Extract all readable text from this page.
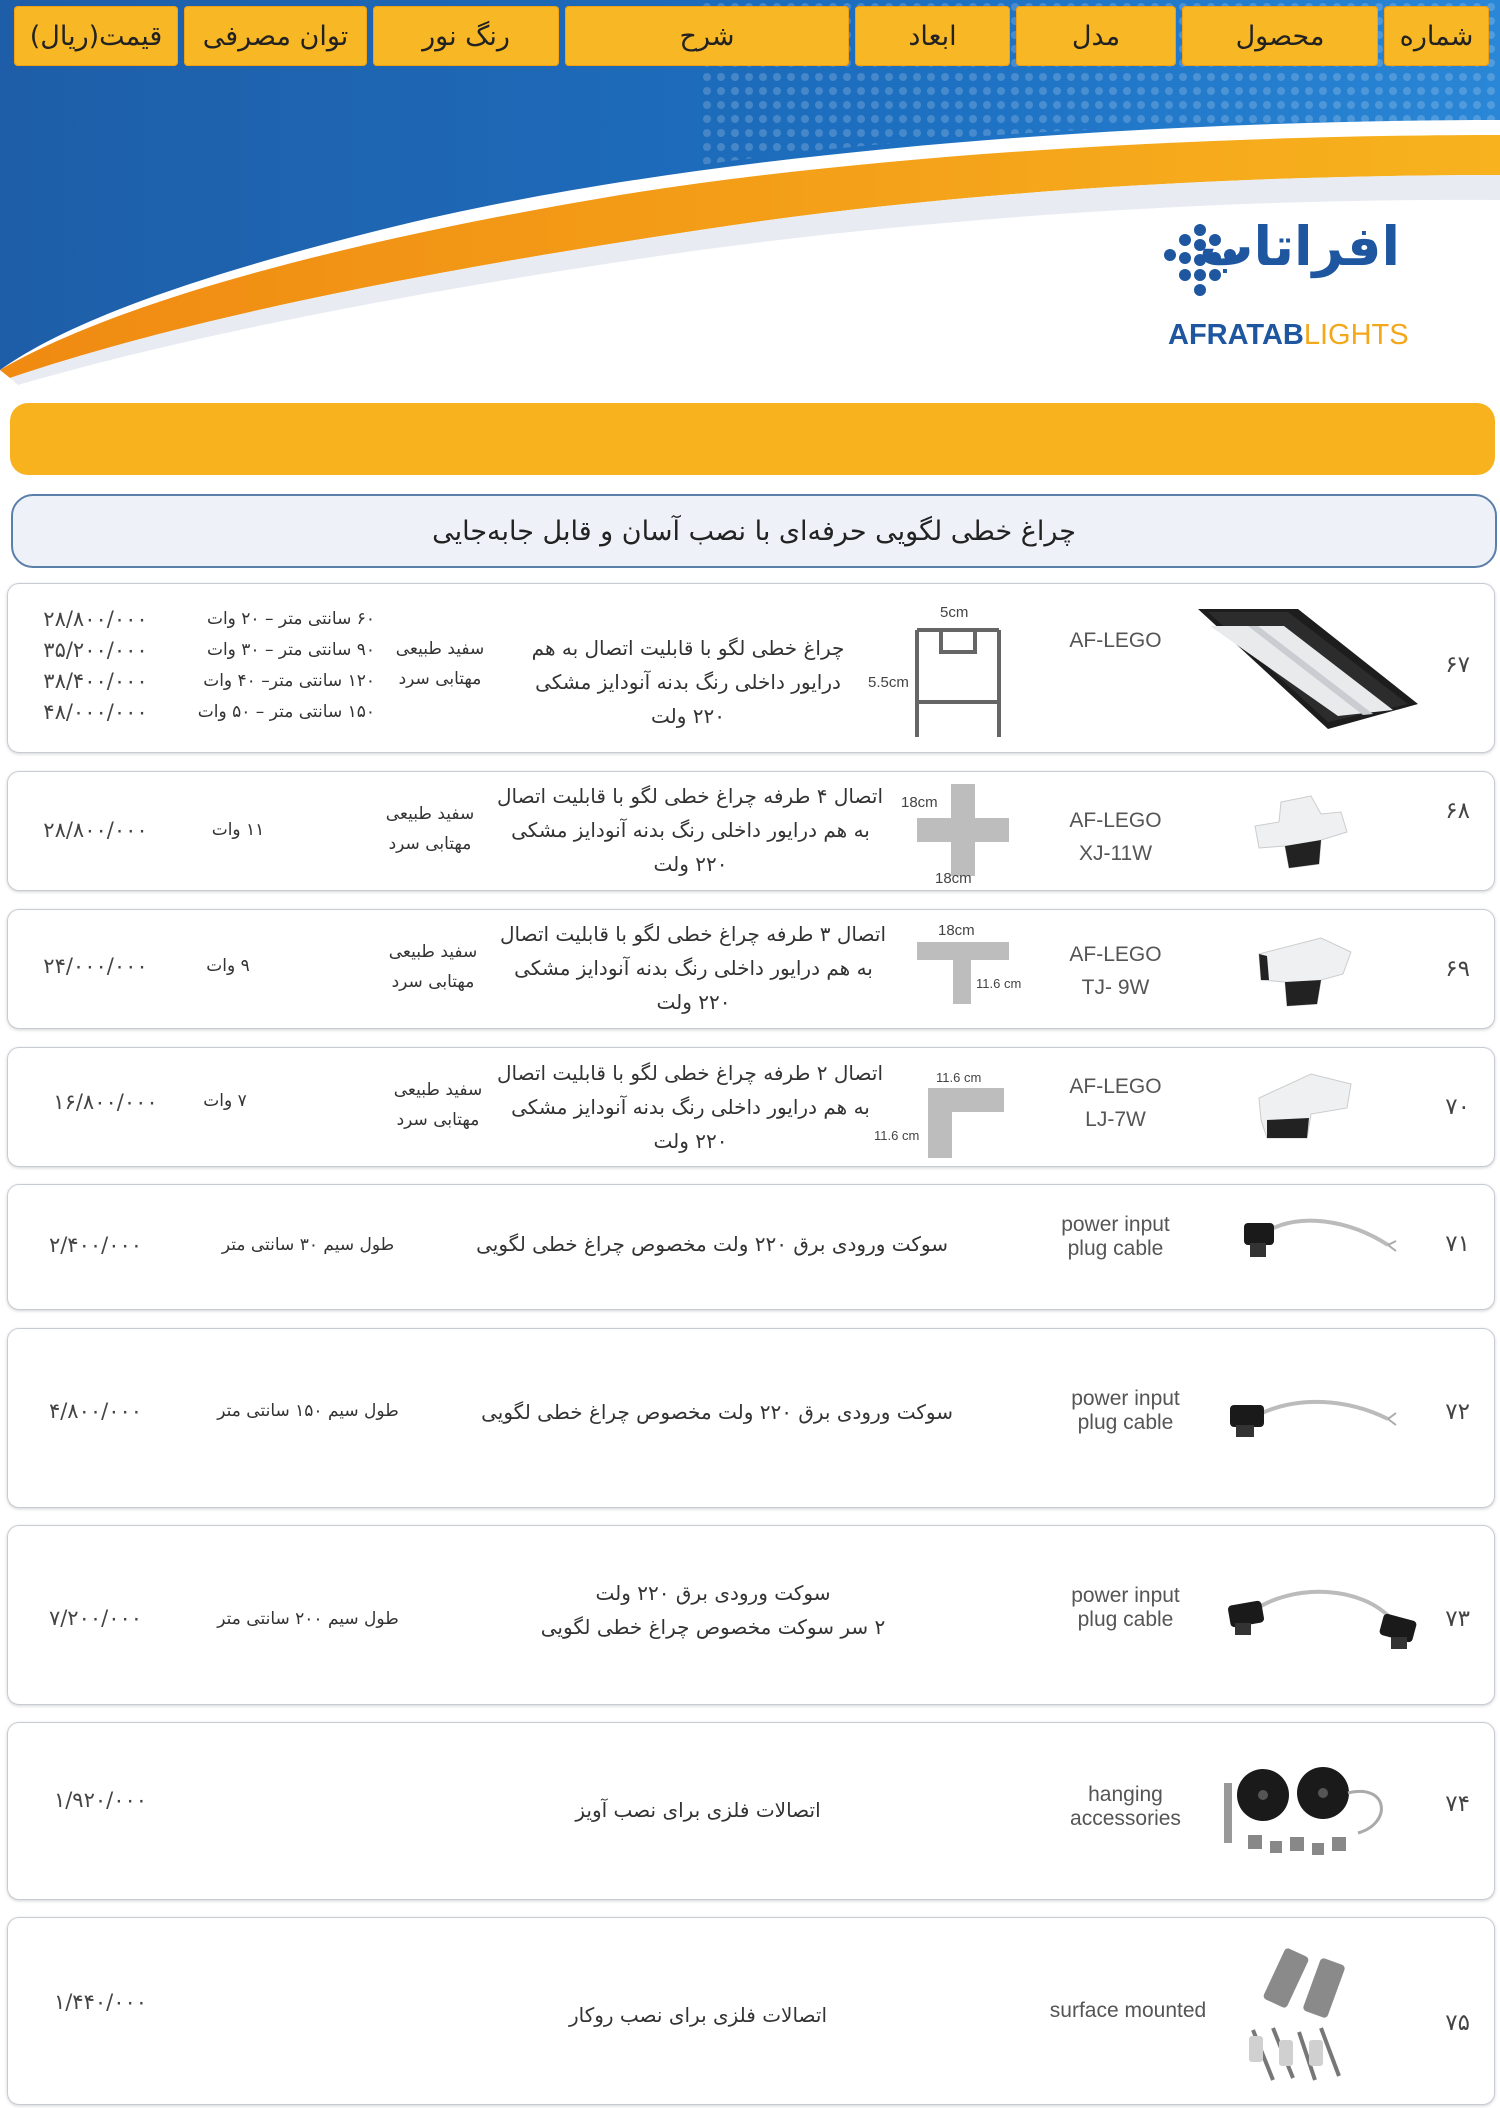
افراتاب
AFRATABLIGHTS
شماره
محصول
مدل
ابعاد
شرح
رنگ نور
توان مصرفی
قیمت(ریال)
چراغ خطی لگویی حرفه‌ای با نصب آسان و قابل جابه‌جایی
۶۷
AF-LEGO
5cm
5.5cm
چراغ خطی لگو با قابلیت اتصال به هم
درایور داخلی رنگ بدنه آنودایز مشکی
۲۲۰ ولت
سفید طبیعی
مهتابی سرد
۶۰ سانتی متر – ۲۰ وات
۹۰ سانتی متر – ۳۰ وات
۱۲۰ سانتی متر– ۴۰ وات
۱۵۰ سانتی متر – ۵۰ وات
۲۸/۸۰۰/۰۰۰
۳۵/۲۰۰/۰۰۰
۳۸/۴۰۰/۰۰۰
۴۸/۰۰۰/۰۰۰
۶۸
AF-LEGO
XJ-11W
18cm
18cm
اتصال ۴ طرفه چراغ خطی لگو با قابلیت اتصال
به هم درایور داخلی رنگ بدنه آنودایز مشکی
۲۲۰ ولت
سفید طبیعی
مهتابی سرد
۱۱ وات
۲۸/۸۰۰/۰۰۰
۶۹
AF-LEGO
TJ- 9W
18cm
11.6 cm
اتصال ۳ طرفه چراغ خطی لگو با قابلیت اتصال
به هم درایور داخلی رنگ بدنه آنودایز مشکی
۲۲۰ ولت
سفید طبیعی
مهتابی سرد
۹ وات
۲۴/۰۰۰/۰۰۰
۷۰
AF-LEGO
LJ-7W
11.6 cm
11.6 cm
اتصال ۲ طرفه چراغ خطی لگو با قابلیت اتصال
به هم درایور داخلی رنگ بدنه آنودایز مشکی
۲۲۰ ولت
سفید طبیعی
مهتابی سرد
۷ وات
۱۶/۸۰۰/۰۰۰
۷۱
power input
plug cable
سوکت ورودی برق ۲۲۰ ولت مخصوص چراغ خطی لگویی
طول سیم ۳۰ سانتی متر
۲/۴۰۰/۰۰۰
۷۲
power input
plug cable
سوکت ورودی برق ۲۲۰ ولت مخصوص چراغ خطی لگویی
طول سیم ۱۵۰ سانتی متر
۴/۸۰۰/۰۰۰
۷۳
power input
plug cable
سوکت ورودی برق ۲۲۰ ولت
۲ سر سوکت مخصوص چراغ خطی لگویی
طول سیم ۲۰۰ سانتی متر
۷/۲۰۰/۰۰۰
۷۴
hanging
accessories
اتصالات فلزی برای نصب آویز
۱/۹۲۰/۰۰۰
۷۵
surface mounted
اتصالات فلزی برای نصب روکار
۱/۴۴۰/۰۰۰
